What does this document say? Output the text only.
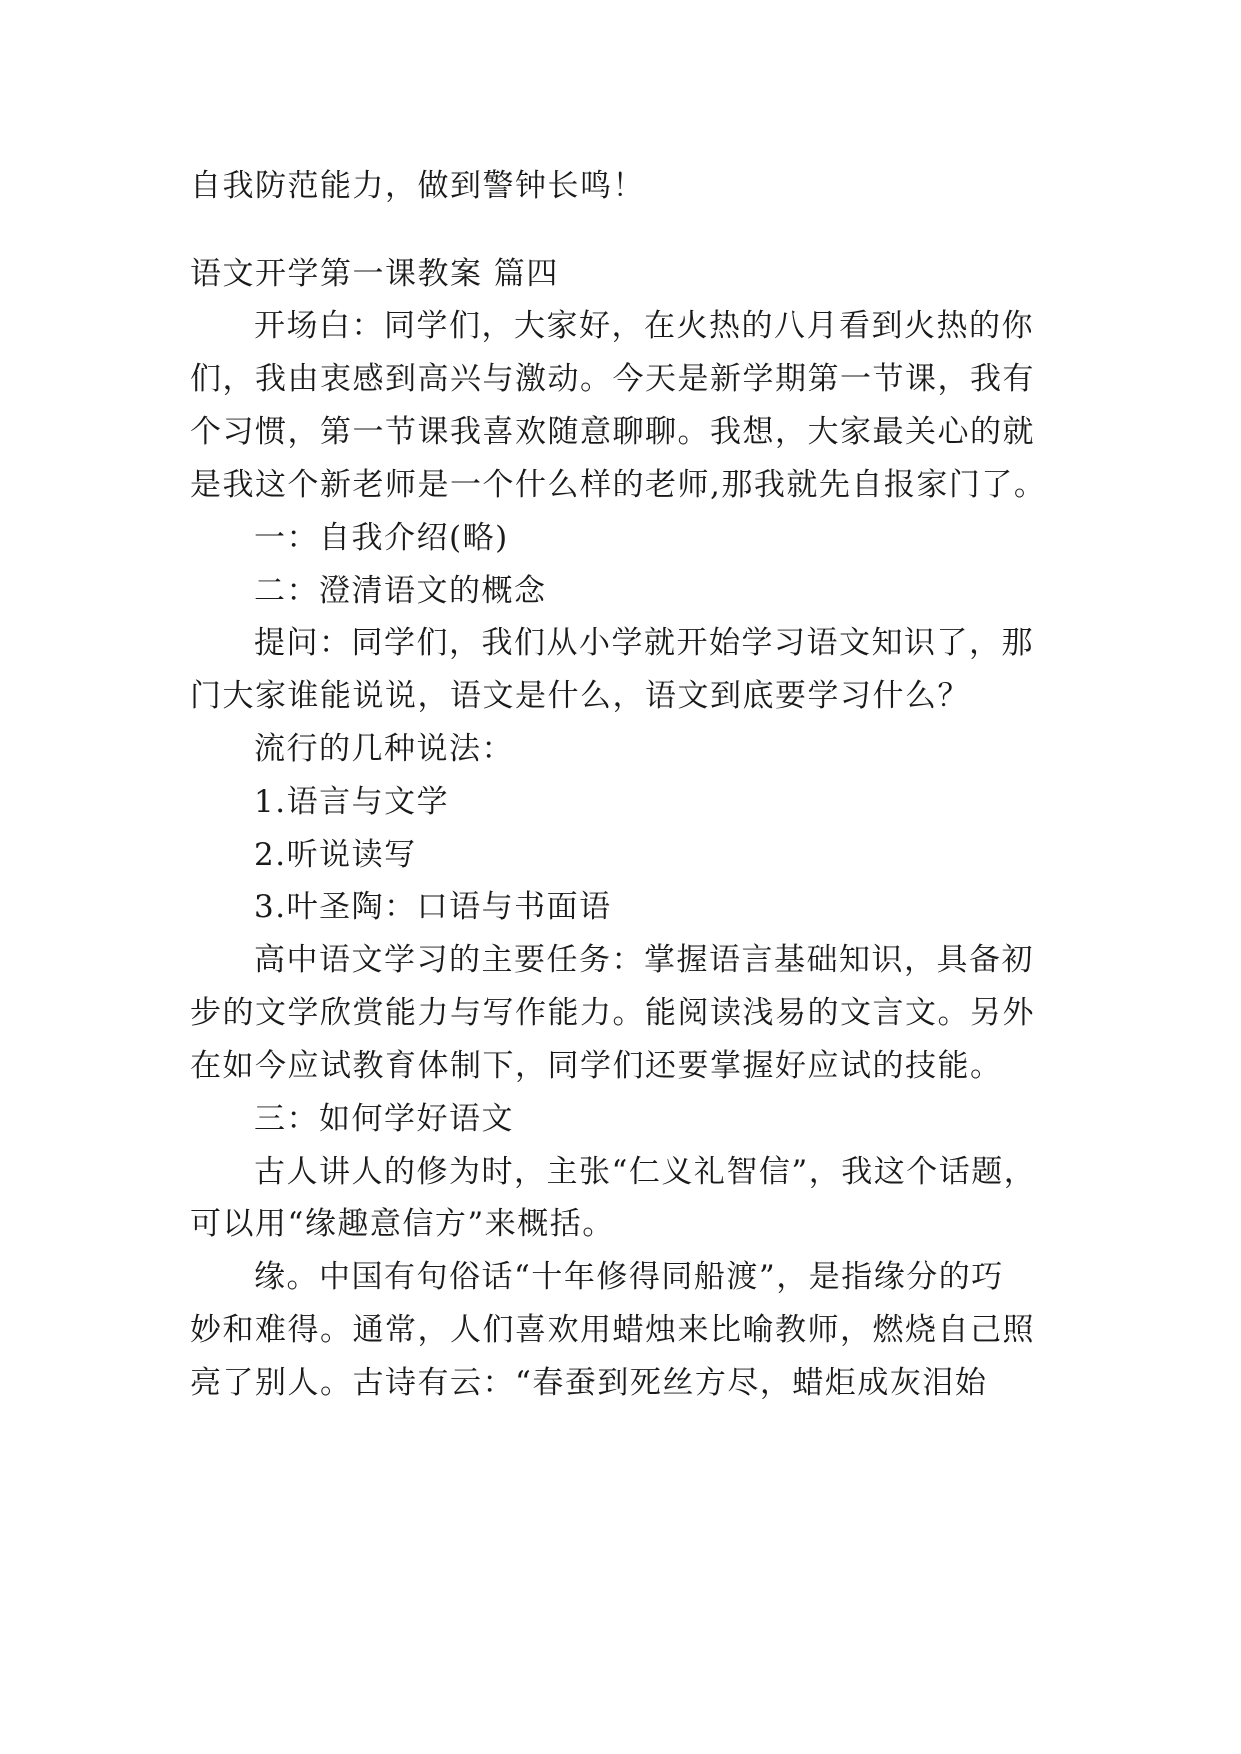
自我防范能力，做到警钟长鸣！
语文开学第一课教案 篇四
开场白：同学们，大家好，在火热的八月看到火热的你
们，我由衷感到高兴与激动。今天是新学期第一节课，我有
个习惯，第一节课我喜欢随意聊聊。我想，大家最关心的就
是我这个新老师是一个什么样的老师,那我就先自报家门了。
一：自我介绍(略)
二：澄清语文的概念
提问：同学们，我们从小学就开始学习语文知识了，那
门大家谁能说说，语文是什么，语文到底要学习什么？
流行的几种说法：
1.语言与文学
2.听说读写
3.叶圣陶：口语与书面语
高中语文学习的主要任务：掌握语言基础知识，具备初
步的文学欣赏能力与写作能力。能阅读浅易的文言文。另外
在如今应试教育体制下，同学们还要掌握好应试的技能。
三：如何学好语文
古人讲人的修为时，主张“仁义礼智信”，我这个话题，
可以用“缘趣意信方”来概括。
缘。中国有句俗话“十年修得同船渡”，是指缘分的巧
妙和难得。通常，人们喜欢用蜡烛来比喻教师，燃烧自己照
亮了别人。古诗有云：“春蚕到死丝方尽，蜡炬成灰泪始
